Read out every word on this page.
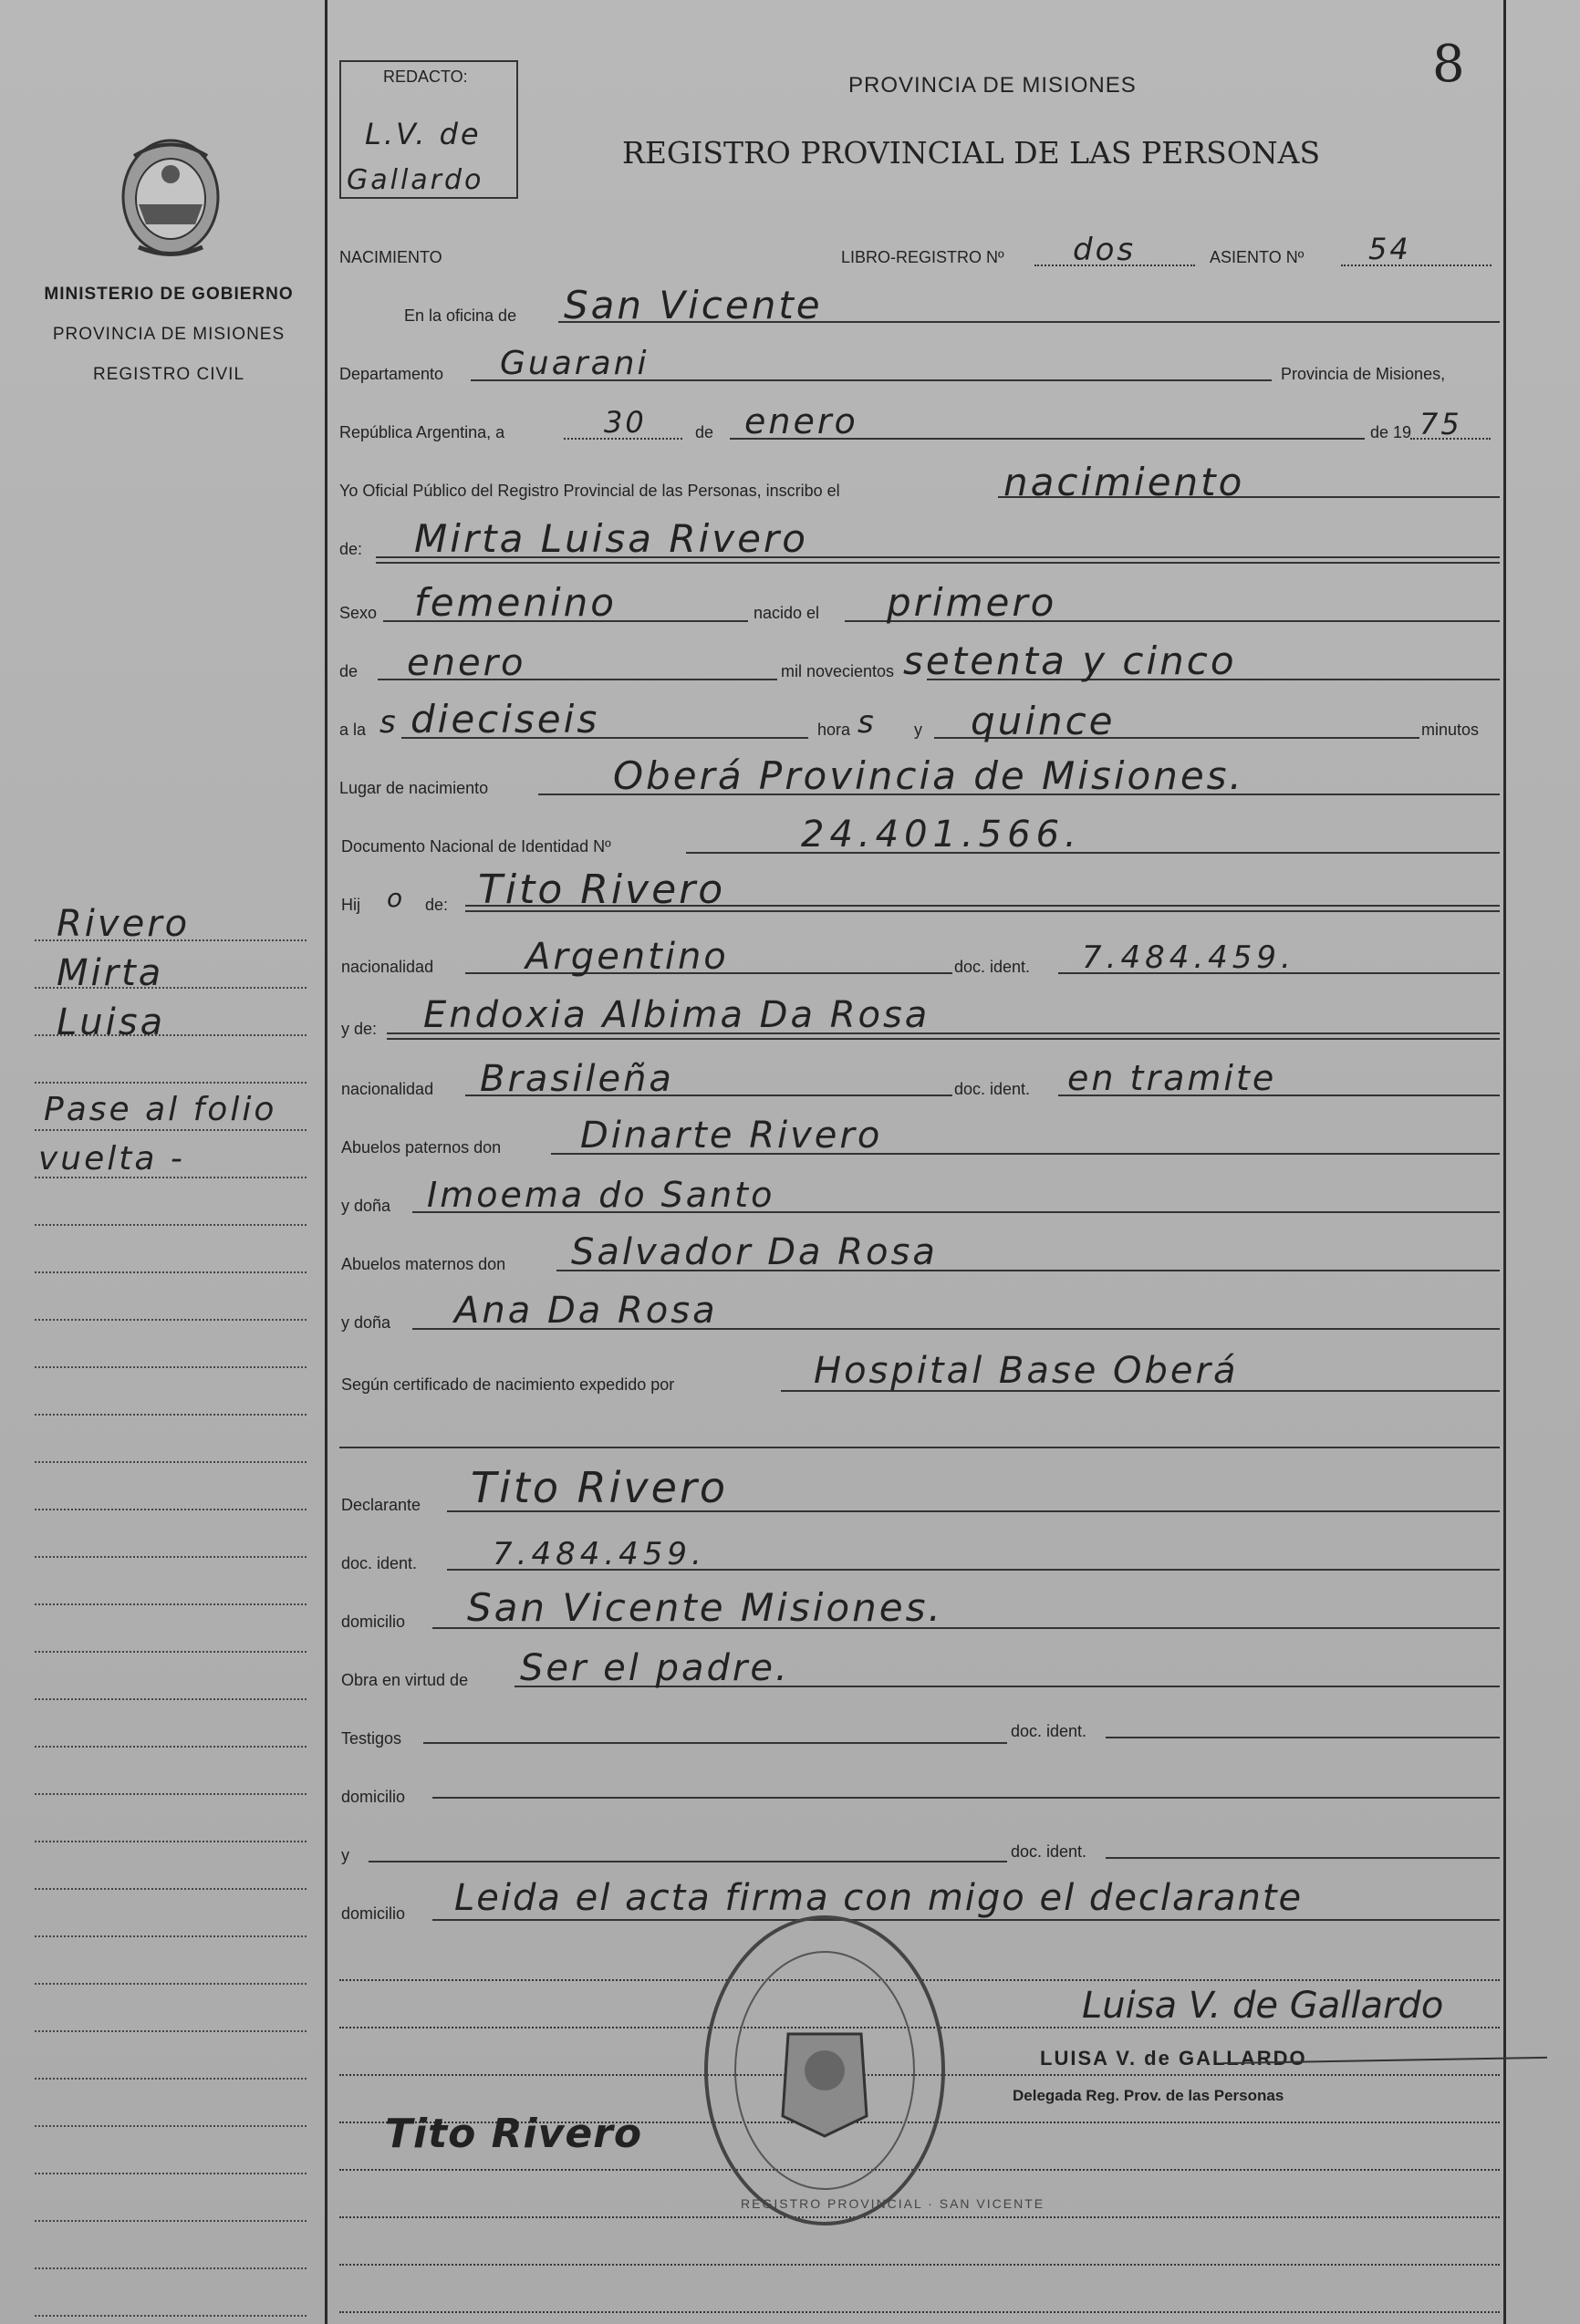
8
MINISTERIO DE GOBIERNO
PROVINCIA DE MISIONES
REGISTRO CIVIL
Rivero
Mirta
Luisa
Pase al folio
vuelta -
REDACTO:
L.V. de
Gallardo
PROVINCIA DE MISIONES
REGISTRO PROVINCIAL DE LAS PERSONAS
NACIMIENTO	LIBRO-REGISTRO Nº dos	ASIENTO Nº 54
En la oficina de San Vicente
Departamento Guarani	Provincia de Misiones,
República Argentina, a	30	de enero	de 19 75
Yo Oficial Público del Registro Provincial de las Personas, inscribo el	nacimiento
de: Mirta Luisa Rivero
Sexo femenino	nacido el primero
de enero	mil novecientos setenta y cinco
a la s dieciseis	hora s y quince	minutos
Lugar de nacimiento	Oberá Provincia de Misiones.
Documento Nacional de Identidad Nº	24.401.566.
Hij o de: Tito Rivero
nacionalidad	Argentino	doc. ident. 7.484.459.
y de: Endoxia Albima Da Rosa
nacionalidad Brasileña	doc. ident. en tramite
Abuelos paternos don Dinarte Rivero
y doña Imoema do Santo
Abuelos maternos don Salvador Da Rosa
y doña Ana Da Rosa
Según certificado de nacimiento expedido por	Hospital Base Oberá
Declarante Tito Rivero
doc. ident. 7.484.459.
domicilio San Vicente Misiones.
Obra en virtud de Ser el padre.
Testigos	doc. ident.
domicilio
y	doc. ident.
domicilio Leida el acta firma con migo el declarante
REGISTRO PROVINCIAL · SAN VICENTE
Luisa V. de Gallardo
LUISA V. de GALLARDO
Delegada Reg. Prov. de las Personas
Tito Rivero
